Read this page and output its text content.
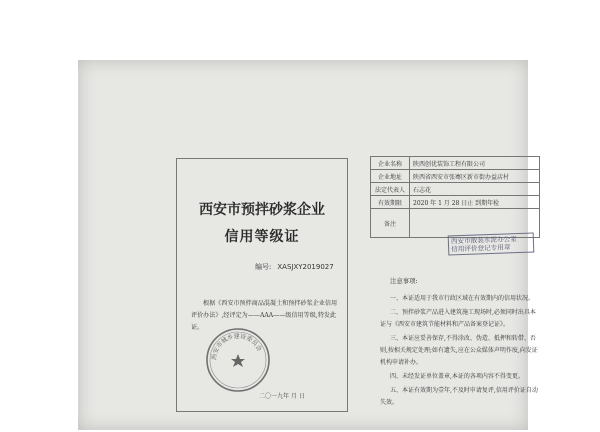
西安市预拌砂浆企业
信用等级证
编号: XASJXY2019027
根据《西安市预拌商品混凝土和预拌砂浆企业信用评价办法》,经评定为——AAA——级信用等级,特发此证。
西安市城乡建设委员会
二〇一九年 月 日
企业名称	陕西创优装饰工程有限公司
企业地址	陕西省西安市张骞区新市街办益店村
法定代表人	石志花
有效期限	2020 年 1 月 28 日止 到期年检
备注	
西安市散装水泥办公室
信用评价登记专用章
注意事项:

一、本证适用于我市行政区域在有效期内的信用状况。

二、预拌砂浆产品进入建筑施工现场时,必须同时出具本证与《西安市建筑节能材料和产品备案登记证》。

三、本证应妥善保存,不得涂改、伪造、抵押和转借、否则,按相关规定处理;如有遗失,应在公众媒体声明作废,向发证机构申请补办。

四、未经发证单位盖章,本证的各项内容不得变更。

五、本证有效期为壹年,不及时申请复评,信用评价证自动失效。
